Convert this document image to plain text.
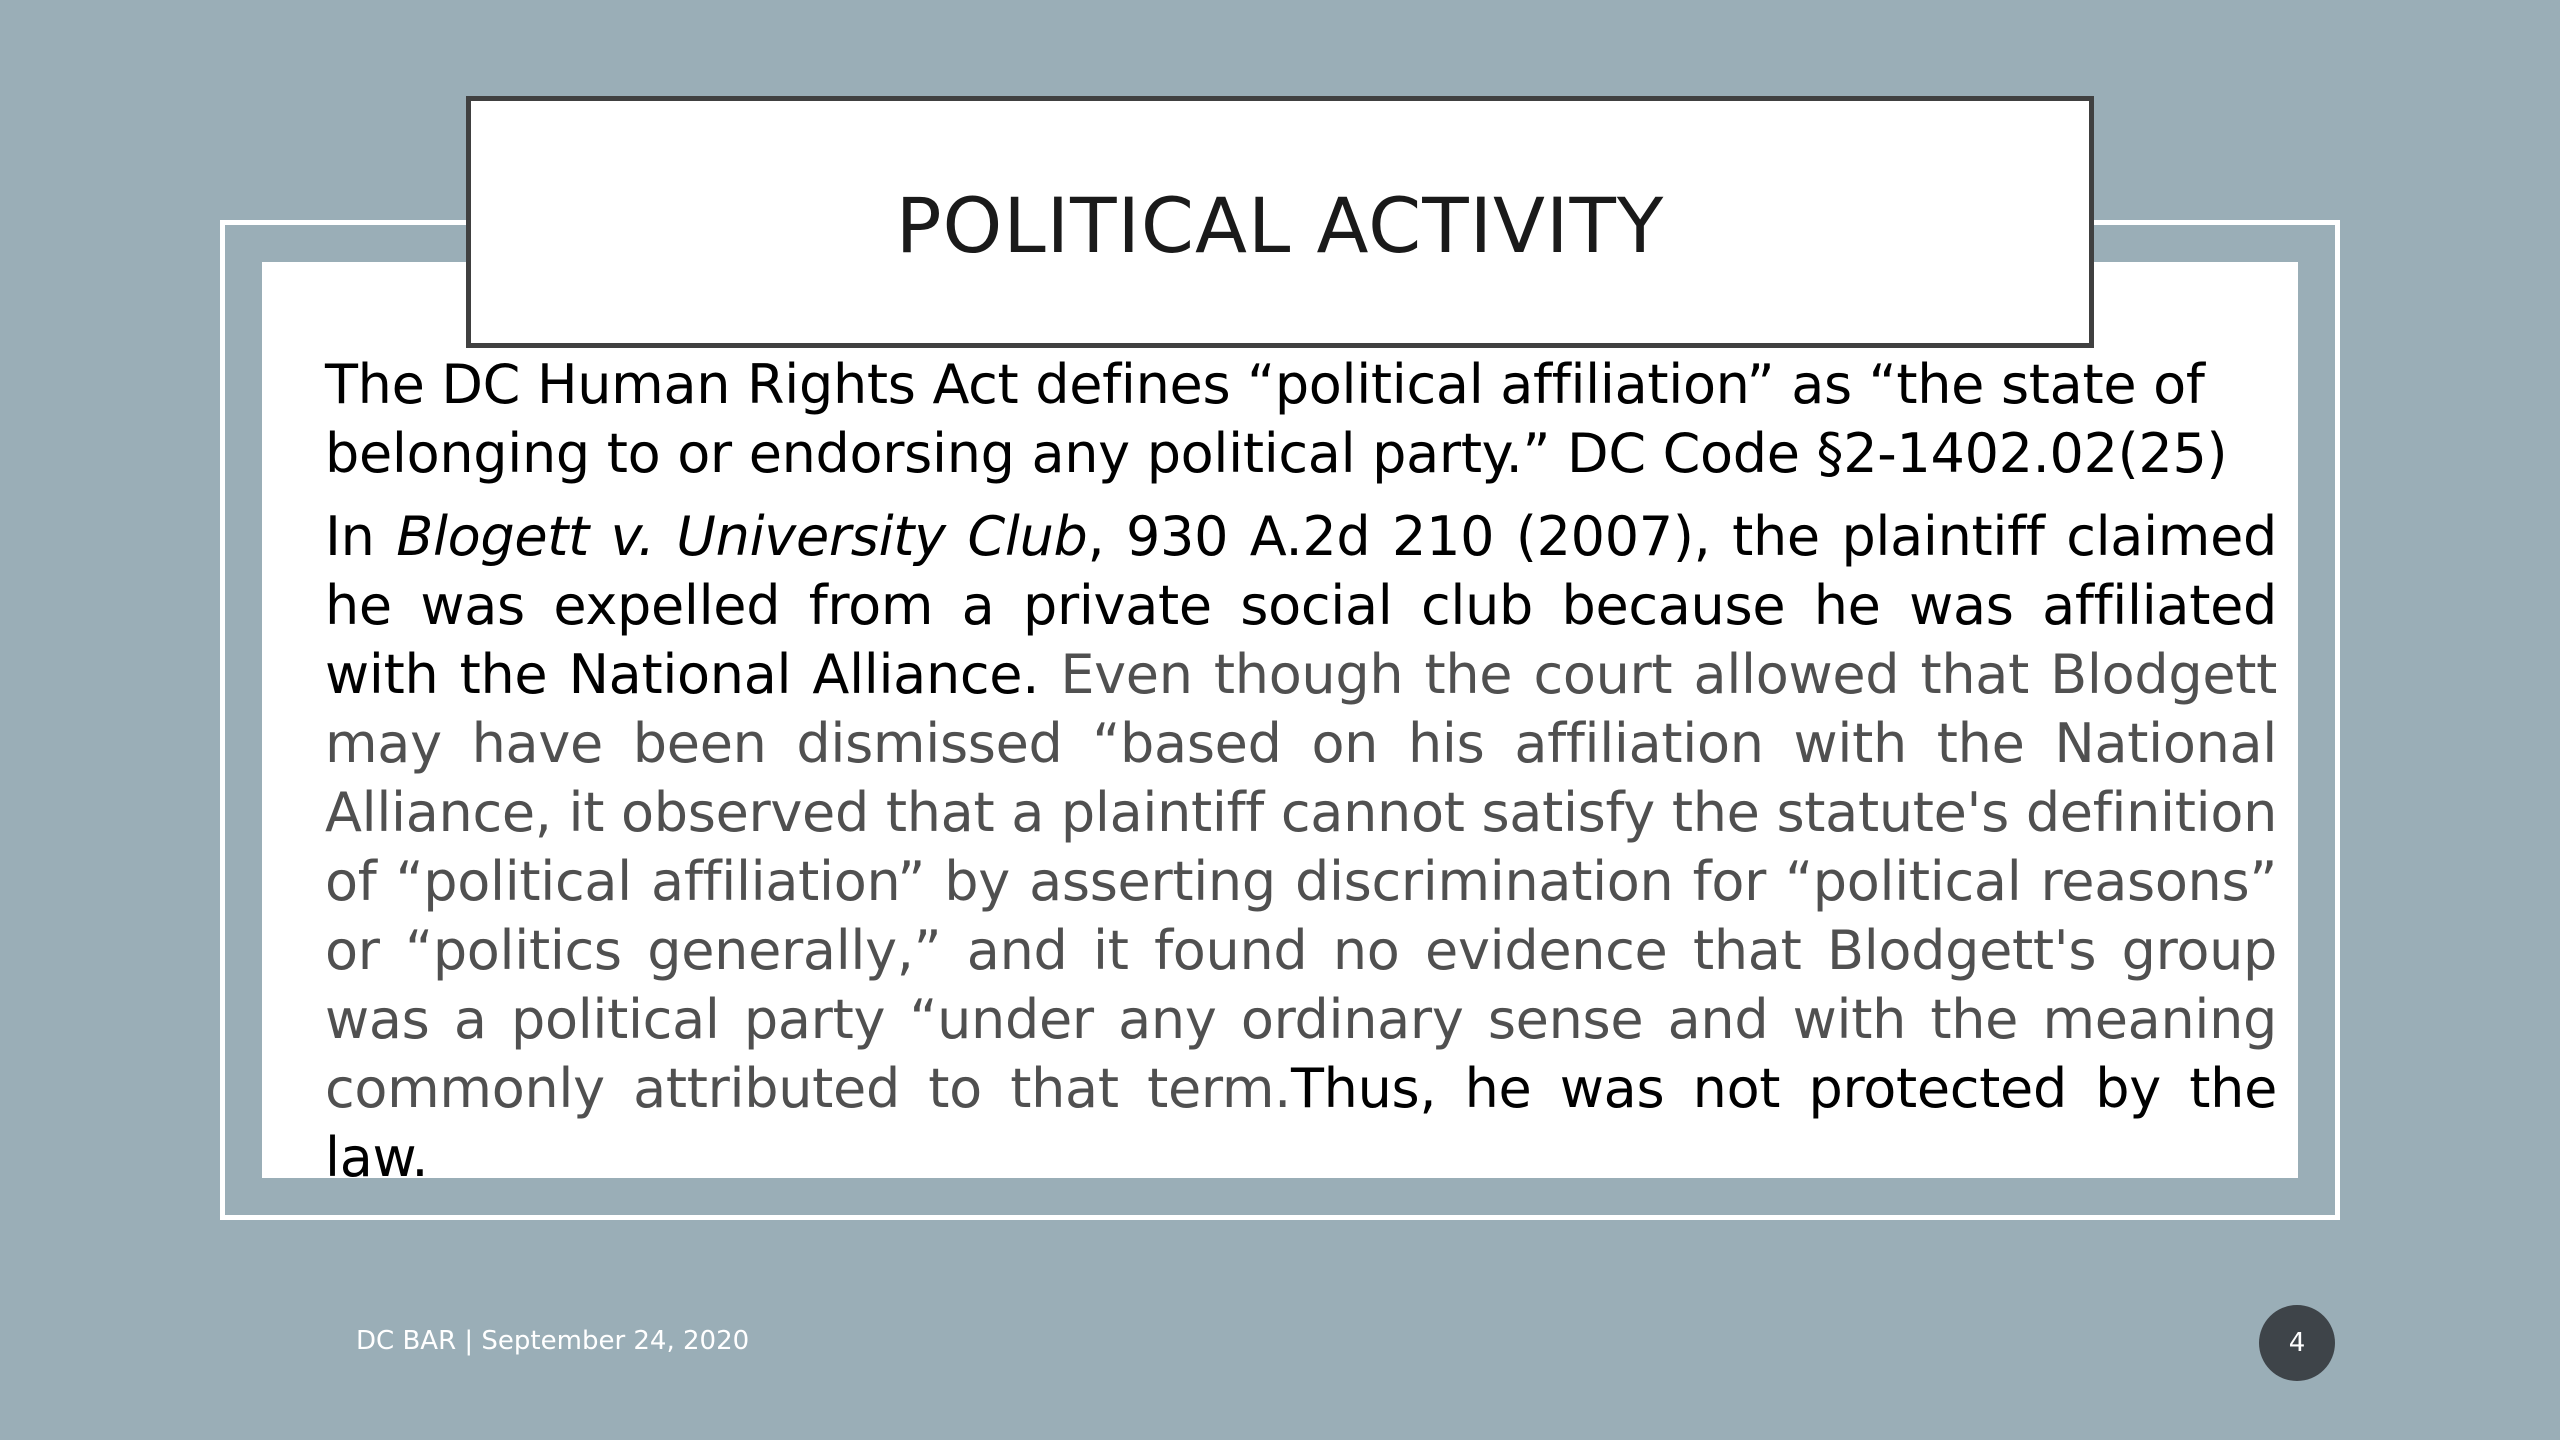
POLITICAL ACTIVITY

The DC Human Rights Act defines “political affiliation” as “the state of belonging to or endorsing any political party.” DC Code §2-1402.02(25)

In Blogett v. University Club, 930 A.2d 210 (2007), the plaintiff claimed he was expelled from a private social club because he was affiliated with the National Alliance. Even though the court allowed that Blodgett may have been dismissed “based on his affiliation with the National Alliance, it observed that a plaintiff cannot satisfy the statute's definition of “political affiliation” by asserting discrimination for “political reasons” or “politics generally,” and it found no evidence that Blodgett's group was a political party “under any ordinary sense and with the meaning commonly attributed to that term.Thus, he was not protected by the law.

DC BAR | September 24, 2020	4
